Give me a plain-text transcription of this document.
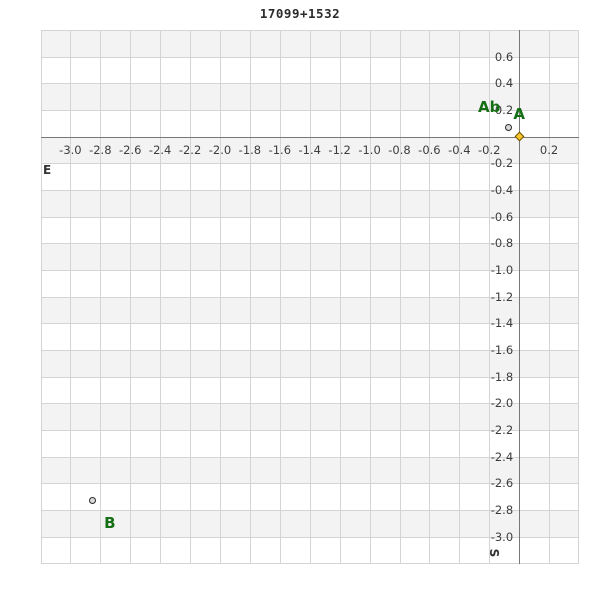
17099+1532
-3.0 -2.8 -2.6 -2.4 -2.2 -2.0 -1.8 -1.6 -1.4 -1.2 -1.0 -0.8 -0.6 -0.4 -0.2	0.2
0.6
0.4
0.2
-0.2
-0.4
-0.6
-0.8
-1.0
-1.2
-1.4
-1.6
-1.8
-2.0
-2.2
-2.4
-2.6
-2.8
-3.0
A
Ab
B
E
S
